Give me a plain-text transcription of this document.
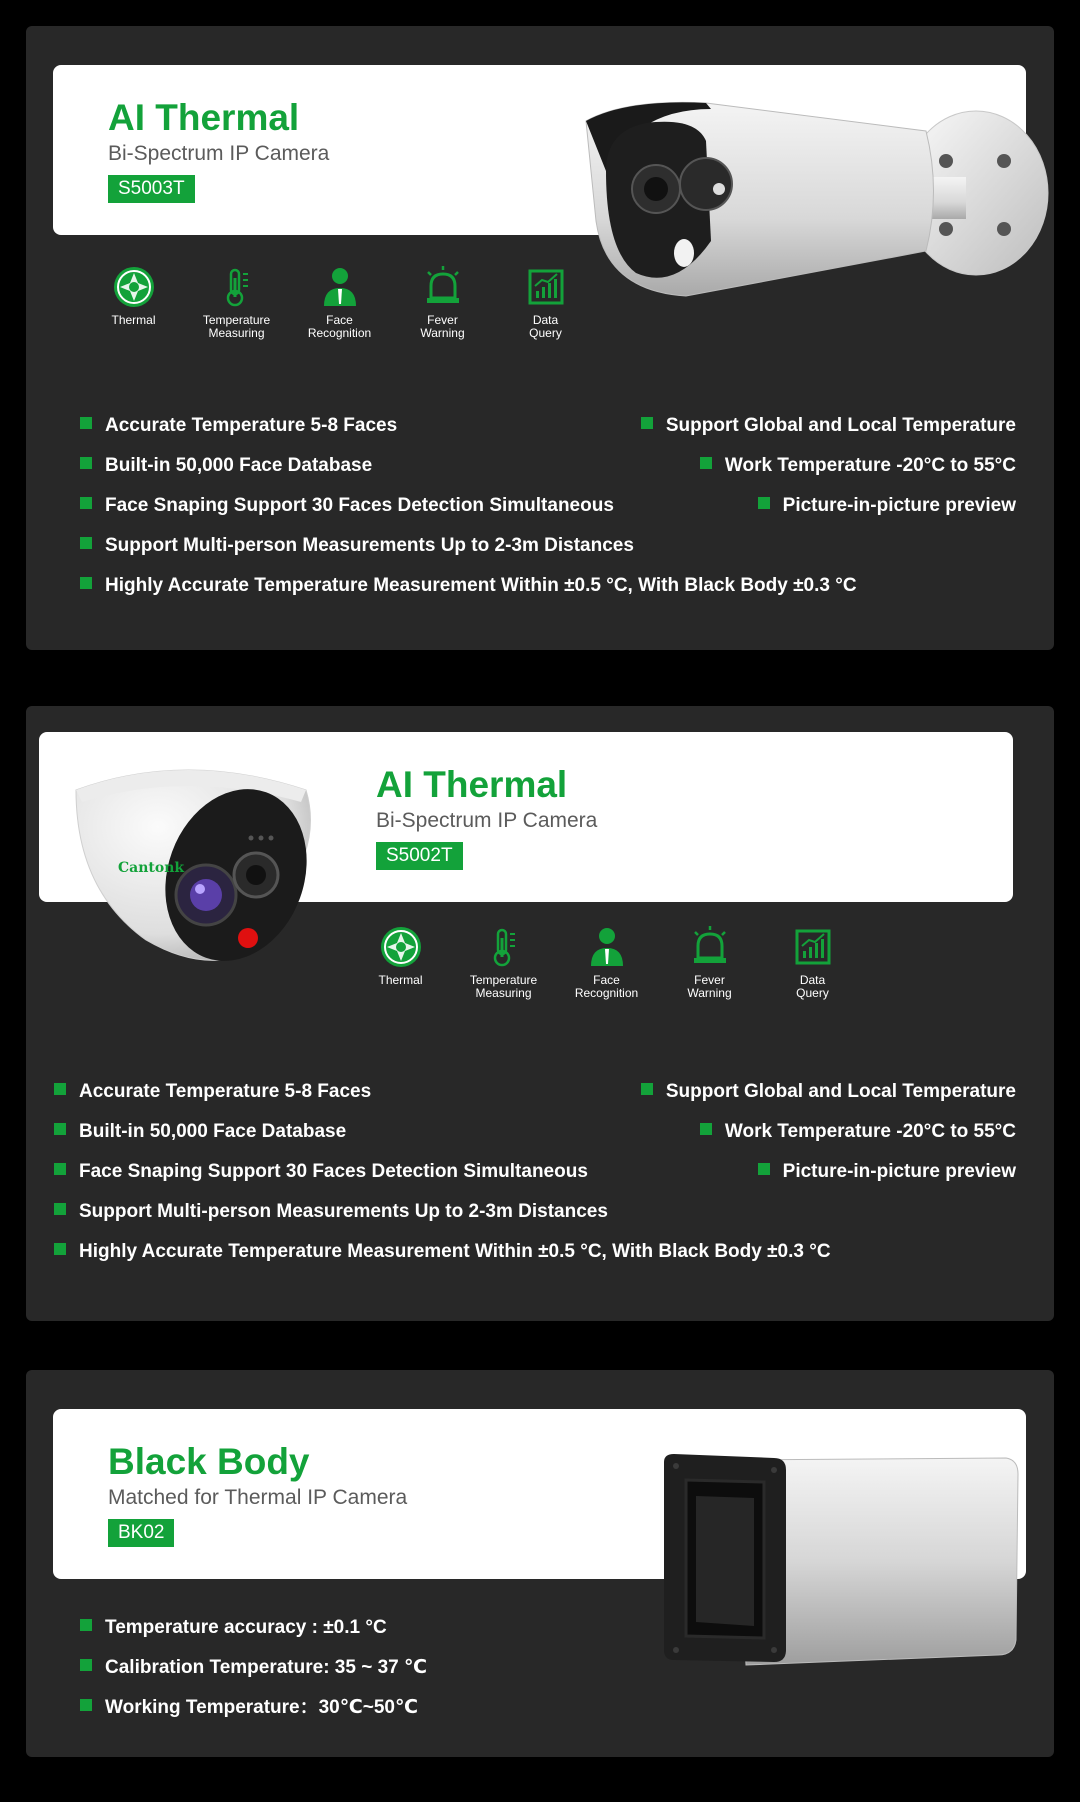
AI Thermal
Bi-Spectrum IP Camera
S5003T
Thermal	Temperature
Measuring
Face
Recognition
Fever
Warning
Data
Query
Accurate Temperature 5-8 Faces
Built-in 50,000 Face Database
Face Snaping Support 30 Faces Detection Simultaneous
Support Multi-person Measurements Up to 2-3m Distances
Highly Accurate Temperature Measurement Within ±0.5 °C, With Black Body ±0.3 °C
Support Global and Local Temperature
Work Temperature -20°C to 55°C
Picture-in-picture preview
AI Thermal
Bi-Spectrum IP Camera
S5002T
Cantonk
Thermal	Temperature
Measuring
Face
Recognition
Fever
Warning
Data
Query
Accurate Temperature 5-8 Faces
Built-in 50,000 Face Database
Face Snaping Support 30 Faces Detection Simultaneous
Support Multi-person Measurements Up to 2-3m Distances
Highly Accurate Temperature Measurement Within ±0.5 °C, With Black Body ±0.3 °C
Support Global and Local Temperature
Work Temperature -20°C to 55°C
Picture-in-picture preview
Black Body
Matched for Thermal IP Camera
BK02
Temperature accuracy : ±0.1 °C
Calibration Temperature: 35 ~ 37 ℃
Working Temperature：30℃~50℃
